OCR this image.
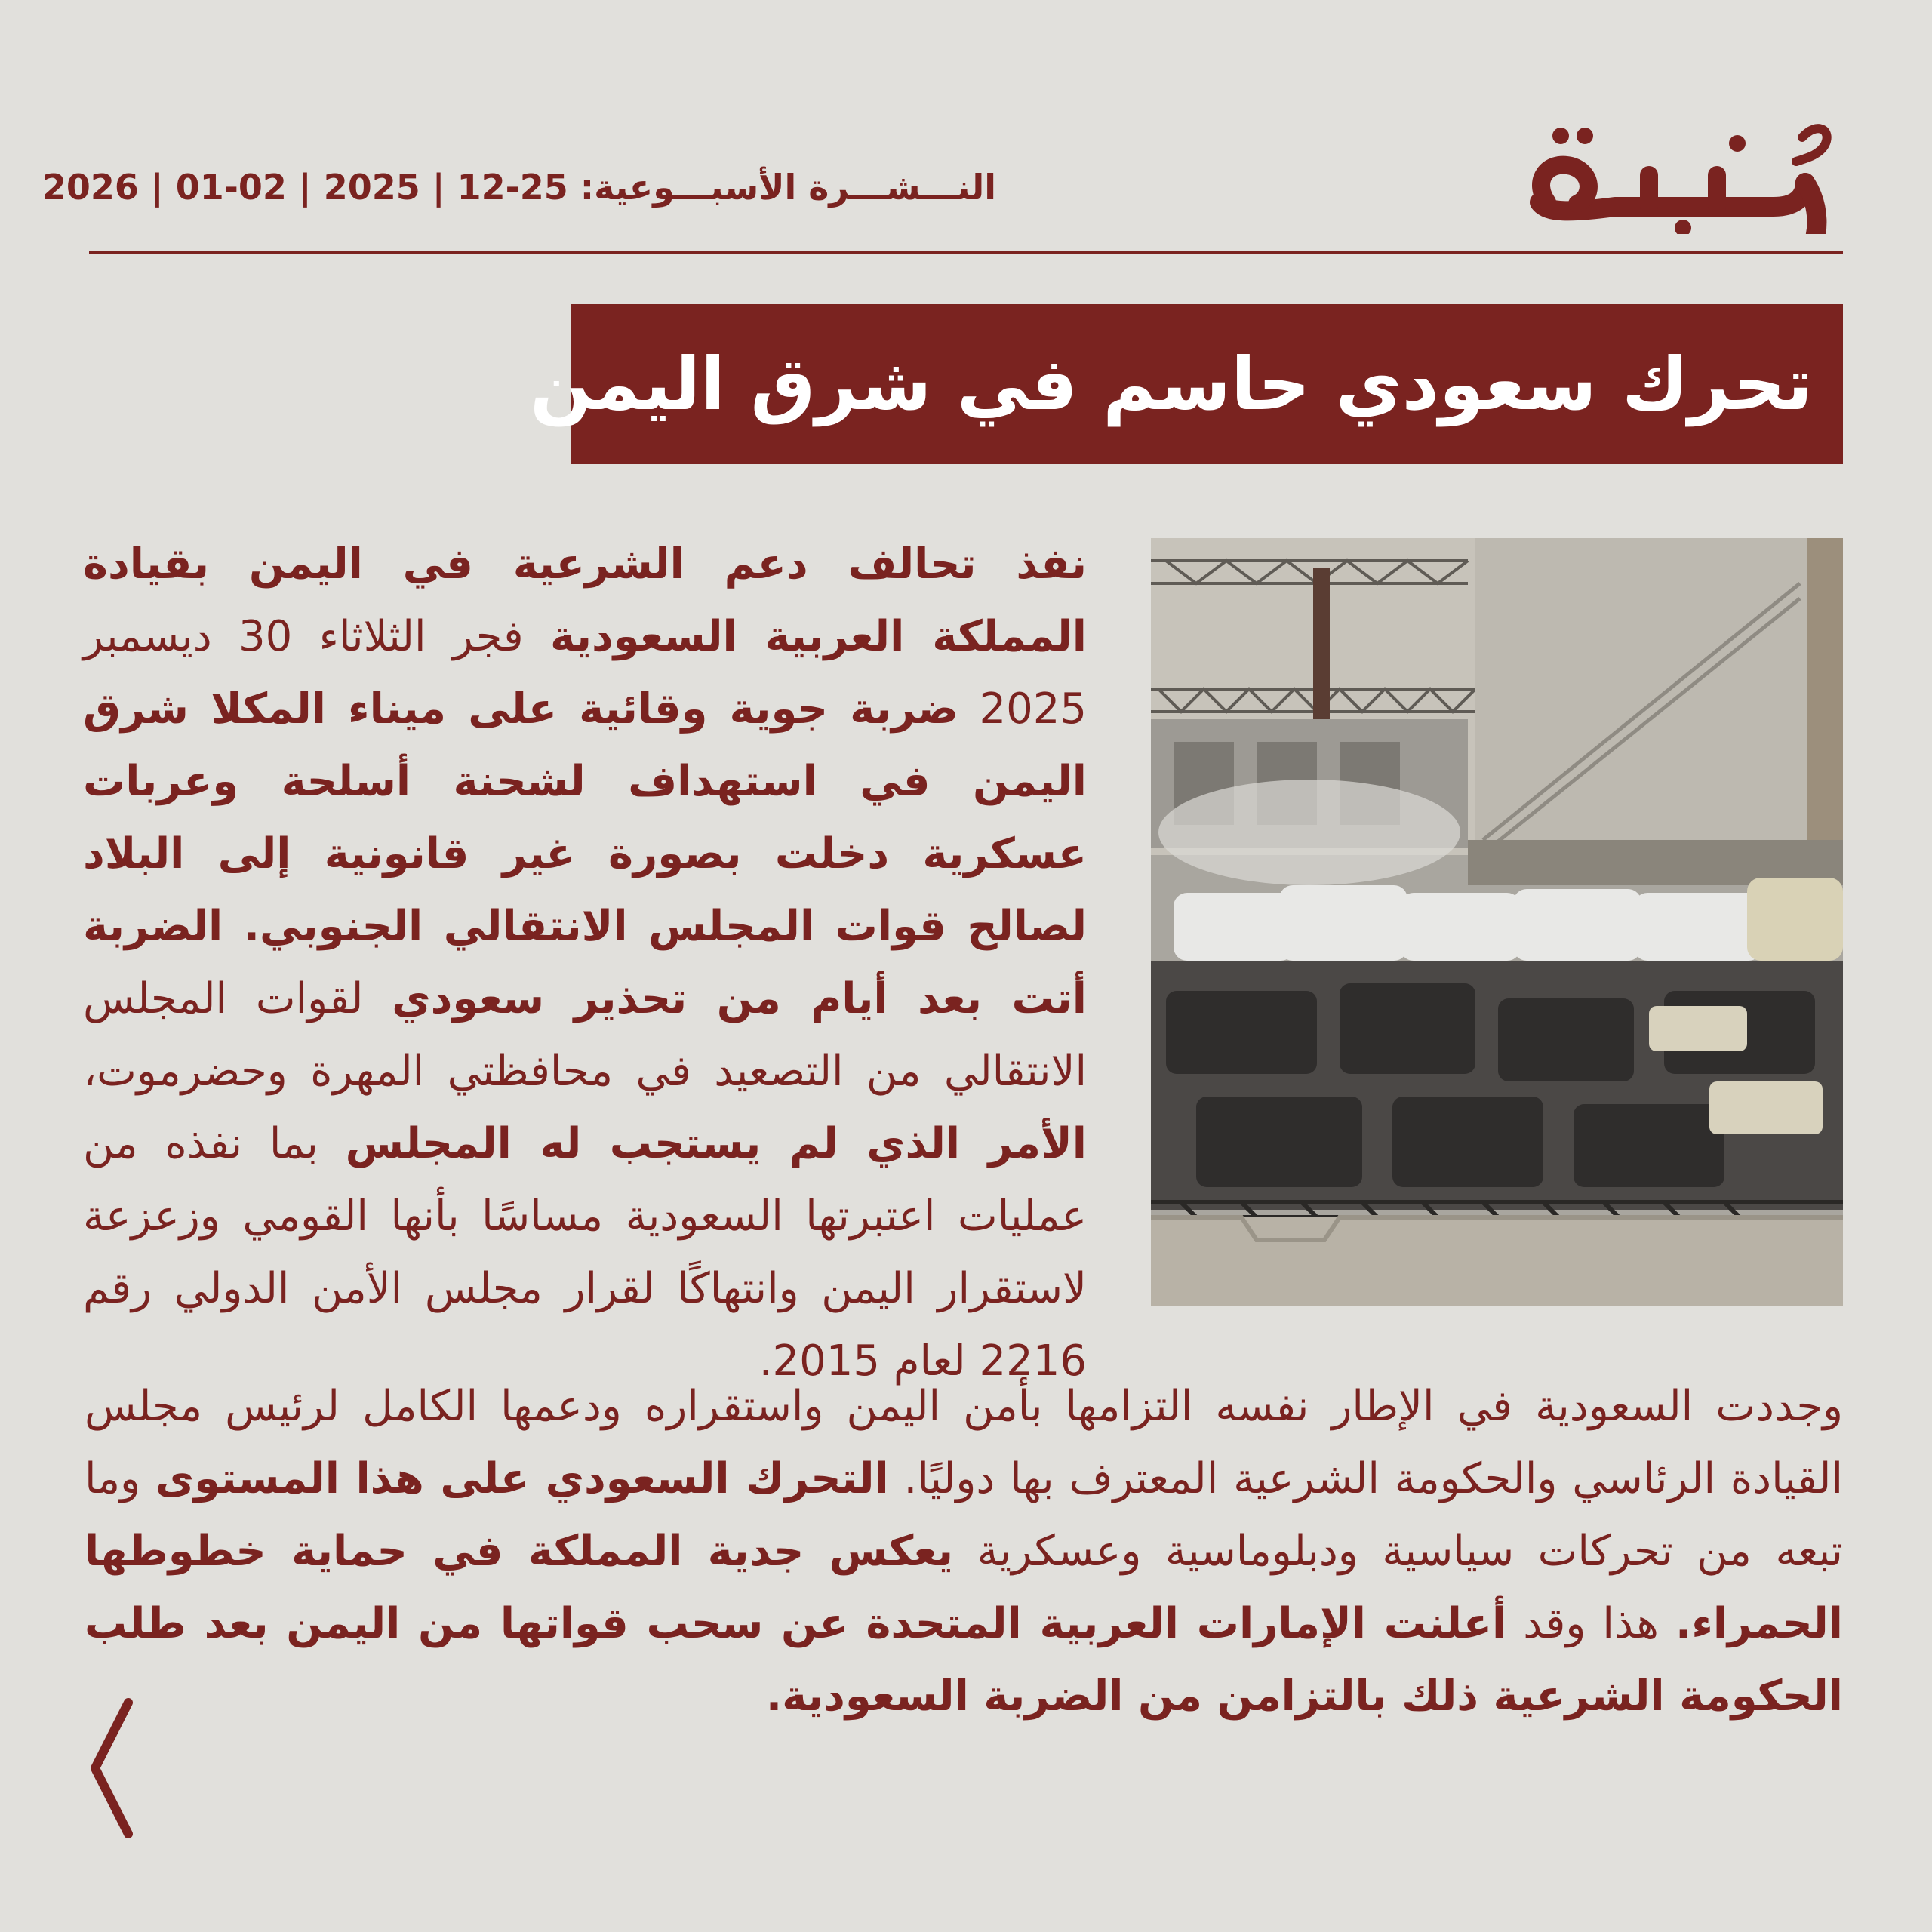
النـــشـــرة الأسبـــوعية: 25-12 | 2025 | 02-01 | 2026
تحرك سعودي حاسم في شرق اليمن

نفذ تحالف دعم الشرعية في اليمن بقيادة المملكة العربية السعودية فجر الثلاثاء 30 ديسمبر 2025 ضربة جوية وقائية على ميناء المكلا شرق اليمن في استهداف لشحنة أسلحة وعربات عسكرية دخلت بصورة غير قانونية إلى البلاد لصالح قوات المجلس الانتقالي الجنوبي. الضربة أتت بعد أيام من تحذير سعودي لقوات المجلس الانتقالي من التصعيد في محافظتي المهرة وحضرموت، الأمر الذي لم يستجب له المجلس بما نفذه من عمليات اعتبرتها السعودية مساسًا بأنها القومي وزعزعة لاستقرار اليمن وانتهاكًا لقرار مجلس الأمن الدولي رقم 2216 لعام 2015.

وجددت السعودية في الإطار نفسه التزامها بأمن اليمن واستقراره ودعمها الكامل لرئيس مجلس القيادة الرئاسي والحكومة الشرعية المعترف بها دوليًا. التحرك السعودي على هذا المستوى وما تبعه من تحركات سياسية ودبلوماسية وعسكرية يعكس جدية المملكة في حماية خطوطها الحمراء. هذا وقد أعلنت الإمارات العربية المتحدة عن سحب قواتها من اليمن بعد طلب الحكومة الشرعية ذلك بالتزامن من الضربة السعودية.
